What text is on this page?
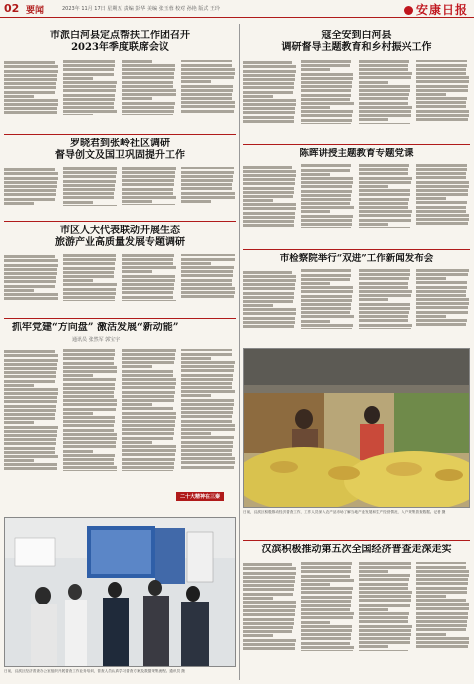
02 要闻	2023年 11月 17日 星期五 责编 彭华 美编 张玉蓉 校对 孙艳 版式 王玲	安康日报
市派白河县定点帮扶工作团召开
2023年季度联席会议
罗晓君到张岭社区调研
督导创文及国卫巩固提升工作
市区人大代表联动开展生态
旅游产业高质量发展专题调研
抓牢党建“方向盘” 激活发展“新动能”
通讯员 张然军 郭宝宇
二十大精神在三秦
日前，汉滨区经济普查办公室组织开展普查工作业务培训，普查人员认真学习普查方案及数据采集流程。通讯员 摄
寇全安到白河县
调研督导主题教育和乡村振兴工作
陈晖讲授主题教育专题党课
市检察院举行“双进”工作新闻发布会
日前，汉滨区积极推动经济普查工作，工作人员深入农产品市场了解当地产业发展和生产经营情况，入户采集普查数据。记者 摄
汉滨积极推动第五次全国经济普查走深走实
